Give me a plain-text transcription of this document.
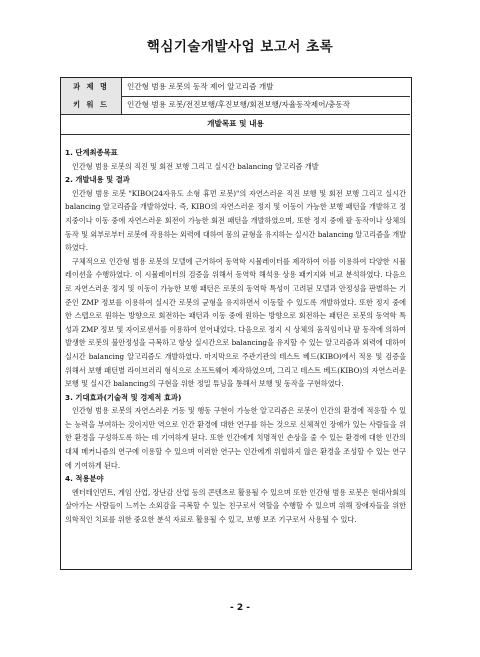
핵심기술개발사업 보고서 초록
과 제 명	인간형 범용 로봇의 동작 제어 알고리즘 개발
키 워 드	인간형 범용 로봇/전진보행/후진보행/회전보행/자율동작제어/충동작
개발목표 및 내용

1. 단계최종목표

인간형 범용 로봇의 직진 및 회전 보행 그리고 실시간 balancing 알고리즘 개발

2. 개발내용 및 결과

인간형 범용 로봇 "KIBO(24자유도 소형 휴먼 로봇)"의 자연스러운 직진 보행 및 회전 보행 그리고 실시간 balancing 알고리즘을 개발하였다. 즉, KIBO의 자연스러운 정지 및 이동이 가능한 보행 패턴을 개발하고 정지중이나 이동 중에 자연스러운 회전이 가능한 회전 패턴을 개발하였으며, 또한 정지 중에 팔 동작이나 상체의 동작 및 외부로부터 로봇에 작용하는 외력에 대하여 몸의 균형을 유지하는 실시간 balancing 알고리즘을 개발하였다.

구체적으로 인간형 범용 로봇의 모델에 근거하여 동역학 시뮬레이터를 제작하여 이를 이용하여 다양한 시뮬레이션을 수행하였다. 이 시뮬레이터의 검증을 위해서 동역학 해석용 상용 패키지와 비교 분석하였다. 다음으로 자연스러운 정지 및 이동이 가능한 보행 패턴은 로봇의 동역학 특성이 고려된 모델과 안정성을 판별하는 기준인 ZMP 정보를 이용하여 실시간 로봇의 균형을 유지하면서 이동할 수 있도록 개발하였다. 또한 정지 중에 한 스텝으로 원하는 방향으로 회전하는 패턴과 이동 중에 원하는 방향으로 회전하는 패턴은 로봇의 동역학 특성과 ZMP 정보 및 자이로센서를 이용하여 얻어내었다. 다음으로 정지 시 상체의 움직임이나 팔 동작에 의하여 발생한 로봇의 불안정성을 극복하고 항상 실시간으로 balancing을 유지할 수 있는 알고리즘과 외력에 대하여 실시간 balancing 알고리즘도 개발하였다. 마지막으로 주관기관의 테스트 베드(KIBO)에서 적용 및 검증을 위해서 보행 패턴별 라이브러리 형식으로 소프트웨어 제작하였으며, 그리고 테스트 베드(KIBO)의 자연스러운 보행 및 실시간 balancing의 구현을 위한 정밀 튜닝을 통해서 보행 및 동작을 구현하였다.

3. 기대효과(기술적 및 경제적 효과)

인간형 범용 로봇의 자연스러운 거동 및 행동 구현이 가능한 알고리즘은 로봇이 인간의 환경에 적응할 수 있는 능력을 부여하는 것이지만 역으로 인간 환경에 대한 연구를 하는 것으로 신체적인 장애가 있는 사람들을 위한 환경을 구성하도록 하는 데 기여하게 된다. 또한 인간에게 치명적인 손상을 줄 수 있는 환경에 대한 인간의 대체 메커니즘의 연구에 이용할 수 있으며 이러한 연구는 인간에게 위협하지 않은 환경을 조성할 수 있는 연구에 기여하게 된다.

4. 적용분야

엔터테인먼트, 게임 산업, 장난감 산업 등의 콘텐츠로 활용될 수 있으며 또한 인간형 범용 로봇은 현대사회의 살아가는 사람들이 느끼는 소외감을 극복할 수 있는 친구로서 역할을 수행할 수 있으며 위해 장애자들을 위한 의학적인 치료를 위한 중요한 분석 자료로 활용될 수 있고, 보행 보조 기구로서 사용될 수 있다.

- 2 -
